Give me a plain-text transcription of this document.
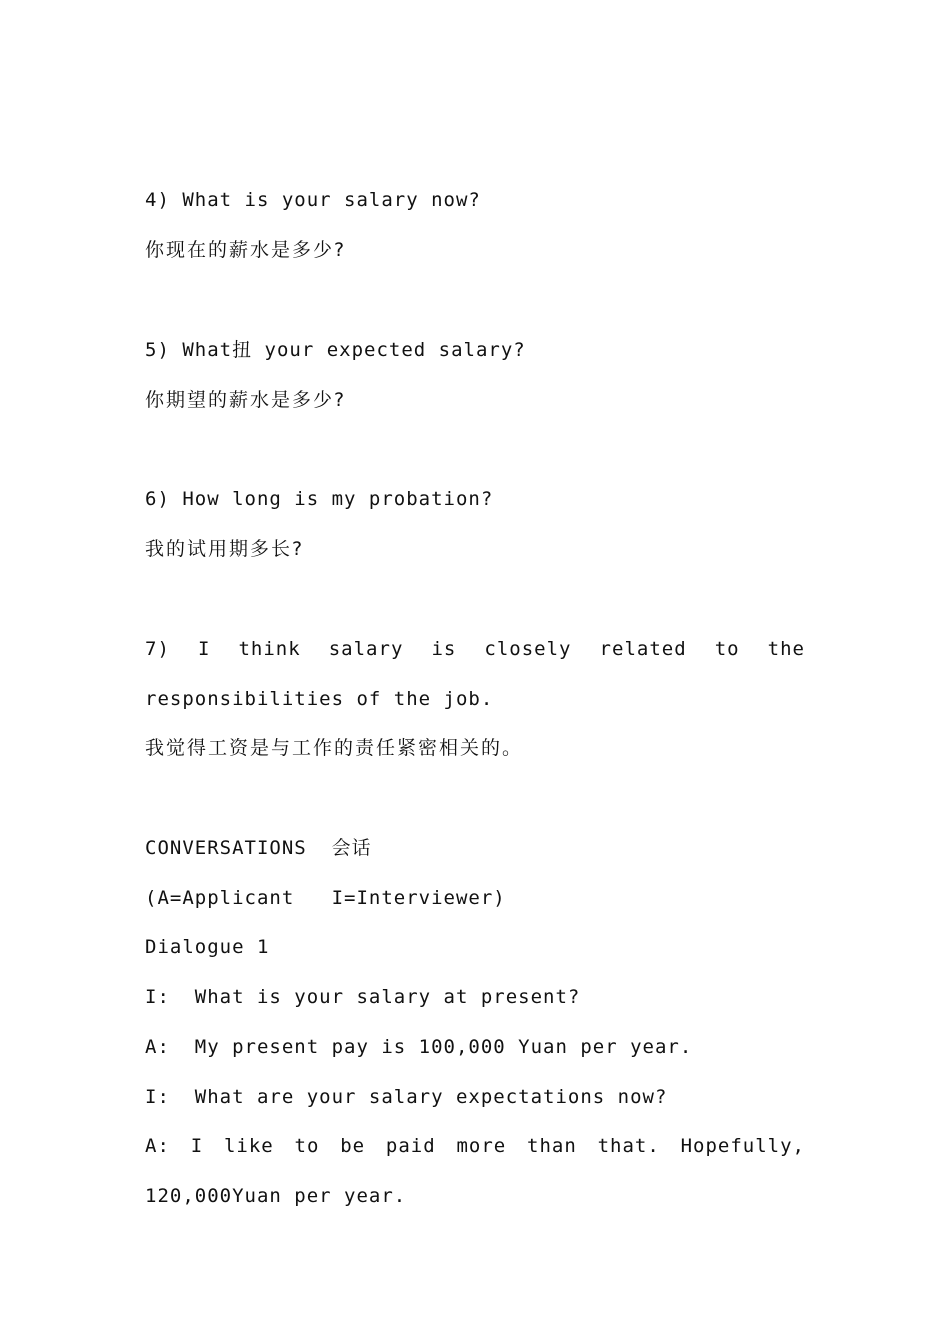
4) What is your salary now?
你现在的薪水是多少?
5) What扭 your expected salary?
你期望的薪水是多少?
6) How long is my probation?
我的试用期多长?
7) I think salary is closely related to the
responsibilities of the job.
我觉得工资是与工作的责任紧密相关的。
CONVERSATIONS  会话
(A=Applicant   I=Interviewer)
Dialogue 1
I:  What is your salary at present?
A:  My present pay is 100,000 Yuan per year.
I:  What are your salary expectations now?
A: I like to be paid more than that. Hopefully,
120,000Yuan per year.
